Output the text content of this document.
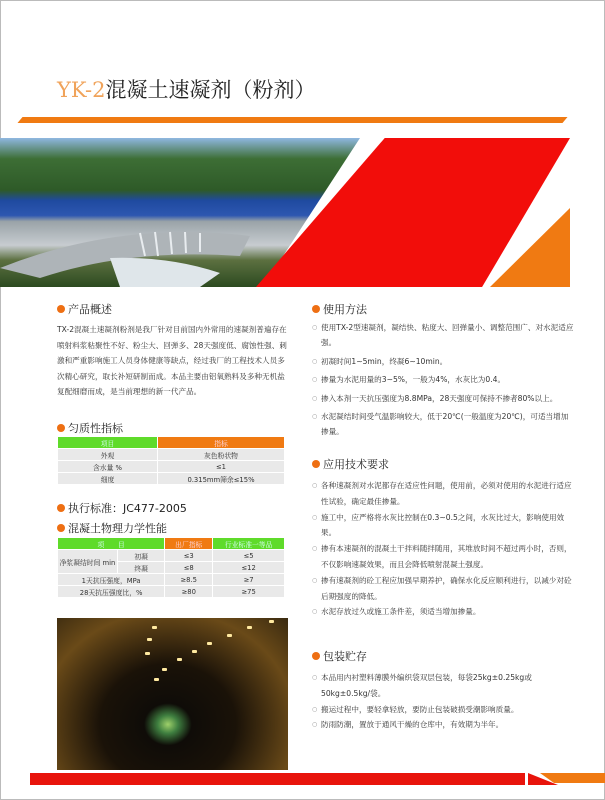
YK-2混凝土速凝剂（粉剂）
产品概述
TX-2混凝土速凝剂粉剂是我厂针对目前国内外常用的速凝剂普遍存在喷射料浆粘聚性不好、粉尘大、回弹多、28天强度低、腐蚀性强、刺激和严重影响施工人员身体健康等缺点，经过我厂的工程技术人员多次精心研究，取长补短研制而成。本品主要由铝氧熟料及多种无机盐复配细磨而成，是当前理想的新一代产品。
匀质性指标
项目	指标
外观	灰色粉状物
含水量 %	≤1
细度	0.315mm筛余≤15%
执行标准：JC477-2005
混凝土物理力学性能
项　　目		出厂指标	行业标准一等品
净浆凝结时间 min	初凝	≤3	≤5
	终凝	≤8	≤12
1天抗压强度，MPa		≥8.5	≥7
28天抗压强度比，%		≥80	≥75
使用方法
○ 使用TX-2型速凝剂，凝结快、粘度大、回弹量小、调整范围广、对水泥适应强。
○ 初凝时间1~5min，终凝6~10min。
○ 掺量为水泥用量的3~5%，一般为4%，水灰比为0.4。
○ 掺入本剂一天抗压强度为8.8MPa，28天强度可保持不掺者80%以上。
○ 水泥凝结时间受气温影响较大，低于20℃(一般温度为20℃)，可适当增加掺量。
应用技术要求
○ 各种速凝剂对水泥都存在适应性问题，使用前，必须对使用的水泥进行适应性试验，确定最佳掺量。
○ 施工中，应严格将水灰比控制在0.3~0.5之间，水灰比过大，影响使用效果。
○ 掺有本速凝剂的混凝土干拌料随拌随用，其堆放时间不超过两小时，否则，不仅影响速凝效果，而且会降低喷射混凝土强度。
○ 掺有速凝剂的砼工程应加强早期养护，确保水化反应顺利进行，以减少对砼后期强度的降低。
○ 水泥存放过久或施工条件差，须适当增加掺量。
包装贮存
○ 本品用内衬塑料薄膜外编织袋双层包装，每袋25kg±0.25kg或50kg±0.5kg/袋。
○ 搬运过程中，要轻拿轻放，要防止包装破损受潮影响质量。
○ 防雨防潮，置放于通风干燥的仓库中，有效期为半年。
